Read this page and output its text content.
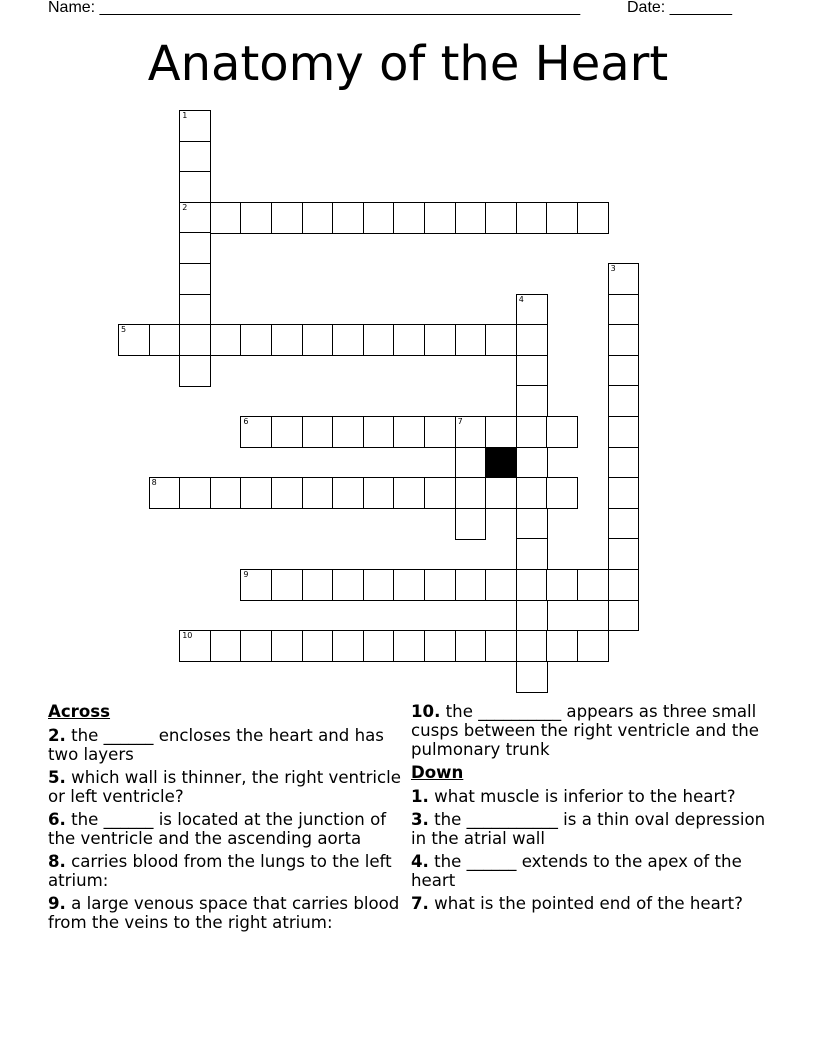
Name: ______________________________________________________	Date: _______
Anatomy of the Heart
1
2
3
4
5
6	7
8
9
10
Across
2. the ______ encloses the heart and has two layers
5. which wall is thinner, the right ventricle or left ventricle?
6. the ______ is located at the junction of the ventricle and the ascending aorta
8. carries blood from the lungs to the left atrium:
9. a large venous space that carries blood from the veins to the right atrium:
10. the __________ appears as three small cusps between the right ventricle and the pulmonary trunk
Down
1. what muscle is inferior to the heart?
3. the ___________ is a thin oval depression in the atrial wall
4. the ______ extends to the apex of the heart
7. what is the pointed end of the heart?
